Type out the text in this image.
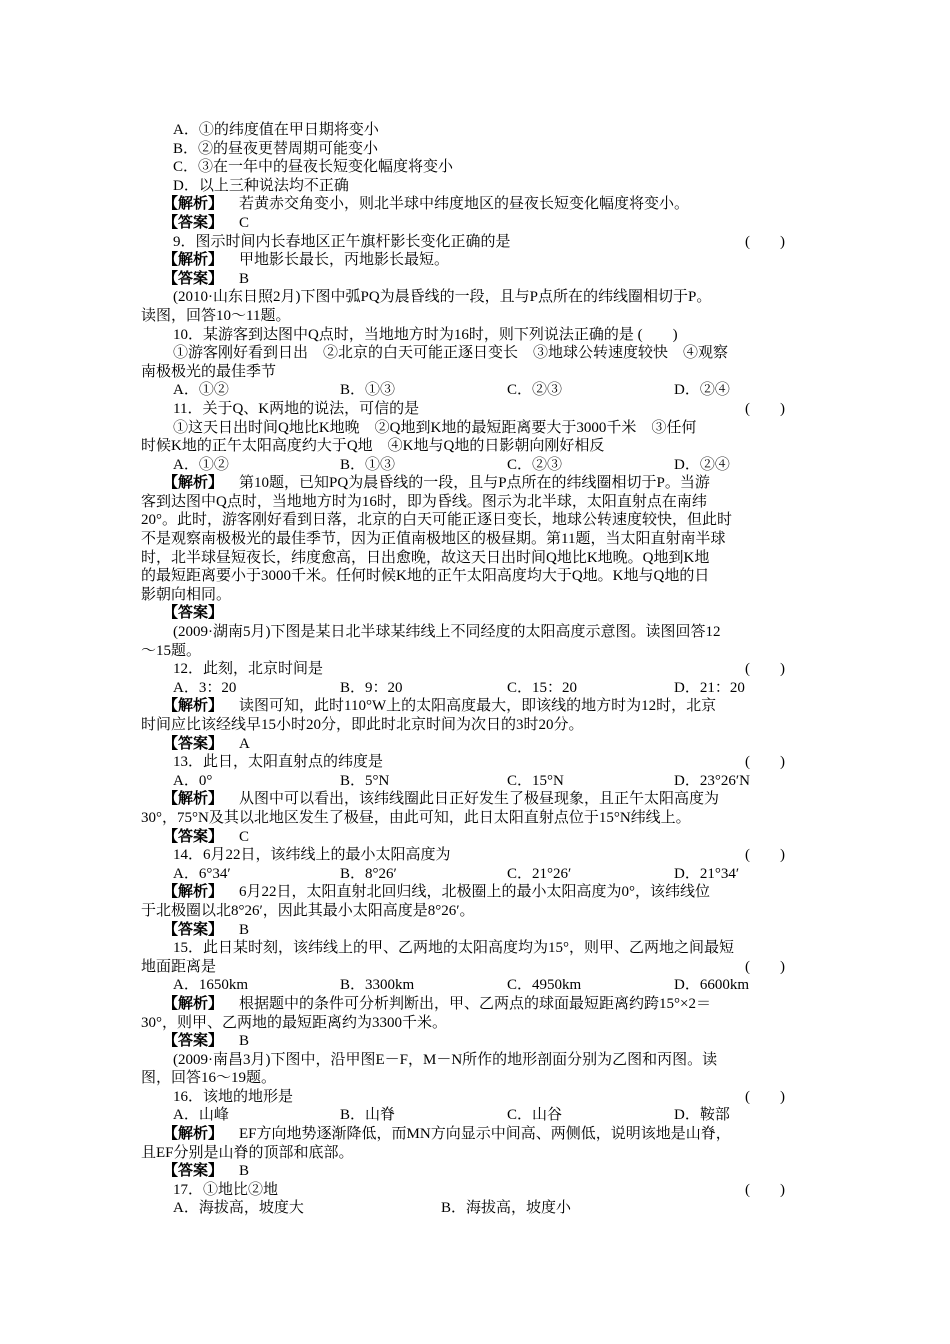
A．①的纬度值在甲日期将变小
B．②的昼夜更替周期可能变小
C．③在一年中的昼夜长短变化幅度将变小
D．以上三种说法均不正确
【解析】 若黄赤交角变小，则北半球中纬度地区的昼夜长短变化幅度将变小。
【答案】 C
9．图示时间内长春地区正午旗杆影长变化正确的是	(　　)
【解析】 甲地影长最长，丙地影长最短。
【答案】 B
(2010·山东日照2月)下图中弧PQ为晨昏线的一段，且与P点所在的纬线圈相切于P。
读图，回答10～11题。
10．某游客到达图中Q点时，当地地方时为16时，则下列说法正确的是 (　　)
①游客刚好看到日出　②北京的白天可能正逐日变长　③地球公转速度较快　④观察
南极极光的最佳季节
A．①②	B．①③	C．②③	D．②④
11．关于Q、K两地的说法，可信的是	(　　)
①这天日出时间Q地比K地晚　②Q地到K地的最短距离要大于3000千米　③任何
时候K地的正午太阳高度约大于Q地　④K地与Q地的日影朝向刚好相反
A．①②	B．①③	C．②③	D．②④
【解析】 第10题，已知PQ为晨昏线的一段，且与P点所在的纬线圈相切于P。当游
客到达图中Q点时，当地地方时为16时，即为昏线。图示为北半球，太阳直射点在南纬
20°。此时，游客刚好看到日落，北京的白天可能正逐日变长，地球公转速度较快，但此时
不是观察南极极光的最佳季节，因为正值南极地区的极昼期。第11题，当太阳直射南半球
时，北半球昼短夜长，纬度愈高，日出愈晚，故这天日出时间Q地比K地晚。Q地到K地
的最短距离要小于3000千米。任何时候K地的正午太阳高度均大于Q地。K地与Q地的日
影朝向相同。
【答案】
(2009·湖南5月)下图是某日北半球某纬线上不同经度的太阳高度示意图。读图回答12
～15题。
12．此刻，北京时间是	(　　)
A．3：20	B．9：20	C．15：20	D．21：20
【解析】 读图可知，此时110°W上的太阳高度最大，即该线的地方时为12时，北京
时间应比该经线早15小时20分，即此时北京时间为次日的3时20分。
【答案】 A
13．此日，太阳直射点的纬度是	(　　)
A．0°	B．5°N	C．15°N	D．23°26′N
【解析】 从图中可以看出，该纬线圈此日正好发生了极昼现象，且正午太阳高度为
30°，75°N及其以北地区发生了极昼，由此可知，此日太阳直射点位于15°N纬线上。
【答案】 C
14．6月22日，该纬线上的最小太阳高度为	(　　)
A．6°34′	B．8°26′	C．21°26′	D．21°34′
【解析】 6月22日，太阳直射北回归线，北极圈上的最小太阳高度为0°，该纬线位
于北极圈以北8°26′，因此其最小太阳高度是8°26′。
【答案】 B
15．此日某时刻，该纬线上的甲、乙两地的太阳高度均为15°，则甲、乙两地之间最短
地面距离是	(　　)
A．1650km	B．3300km	C．4950km	D．6600km
【解析】 根据题中的条件可分析判断出，甲、乙两点的球面最短距离约跨15°×2＝
30°，则甲、乙两地的最短距离约为3300千米。
【答案】 B
(2009·南昌3月)下图中，沿甲图E－F，M－N所作的地形剖面分别为乙图和丙图。读
图，回答16～19题。
16．该地的地形是	(　　)
A．山峰	B．山脊	C．山谷	D．鞍部
【解析】 EF方向地势逐渐降低，而MN方向显示中间高、两侧低，说明该地是山脊，
且EF分别是山脊的顶部和底部。
【答案】 B
17．①地比②地	(　　)
A．海拔高，坡度大	B．海拔高，坡度小
